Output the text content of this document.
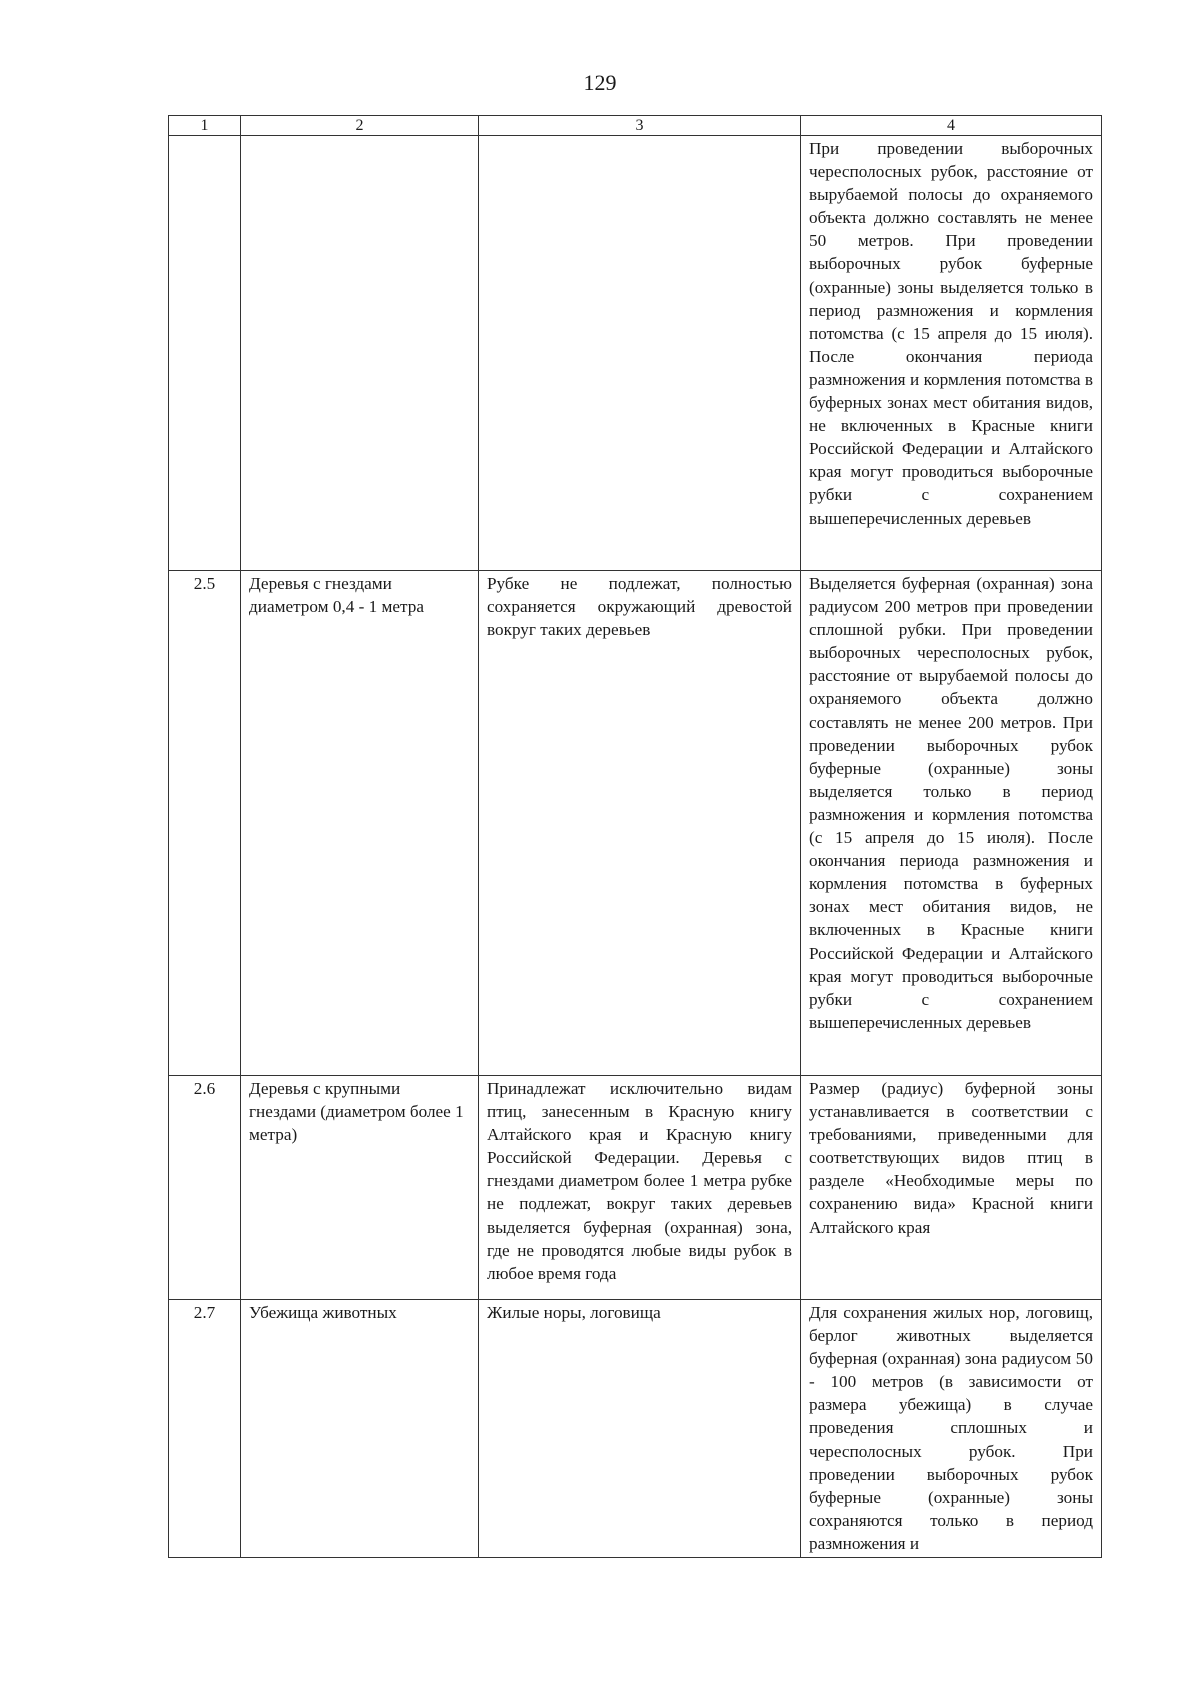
129
1	2	3	4
			При проведении выборочных чересполосных рубок, расстояние от вырубаемой полосы до охраняемого объекта должно составлять не менее 50 метров. При проведении выборочных рубок буферные (охранные) зоны выделяется только в период размножения и кормления потомства (с 15 апреля до 15 июля). После окончания периода размножения и кормления потомства в буферных зонах мест обитания видов, не включенных в Красные книги Российской Федерации и Алтайского края могут проводиться выборочные рубки с сохранением вышеперечисленных деревьев
2.5	Деревья с гнездами диаметром 0,4 - 1 метра	Рубке не подлежат, полностью сохраняется окружающий древостой вокруг таких деревьев	Выделяется буферная (охранная) зона радиусом 200 метров при проведении сплошной рубки. При проведении выборочных чересполосных рубок, расстояние от вырубаемой полосы до охраняемого объекта должно составлять не менее 200 метров. При проведении выборочных рубок буферные (охранные) зоны выделяется только в период размножения и кормления потомства (с 15 апреля до 15 июля). После окончания периода размножения и кормления потомства в буферных зонах мест обитания видов, не включенных в Красные книги Российской Федерации и Алтайского края могут проводиться выборочные рубки с сохранением вышеперечисленных деревьев
2.6	Деревья с крупными гнездами (диаметром более 1 метра)	Принадлежат исключительно видам птиц, занесенным в Красную книгу Алтайского края и Красную книгу Российской Федерации. Деревья с гнездами диаметром более 1 метра рубке не подлежат, вокруг таких деревьев выделяется буферная (охранная) зона, где не проводятся любые виды рубок в любое время года	Размер (радиус) буферной зоны устанавливается в соответствии с требованиями, приведенными для соответствующих видов птиц в разделе «Необходимые меры по сохранению вида» Красной книги Алтайского края
2.7	Убежища животных	Жилые норы, логовища	Для сохранения жилых нор, логовищ, берлог животных выделяется буферная (охранная) зона радиусом 50 - 100 метров (в зависимости от размера убежища) в случае проведения сплошных и чересполосных рубок. При проведении выборочных рубок буферные (охранные) зоны сохраняются только в период размножения и
